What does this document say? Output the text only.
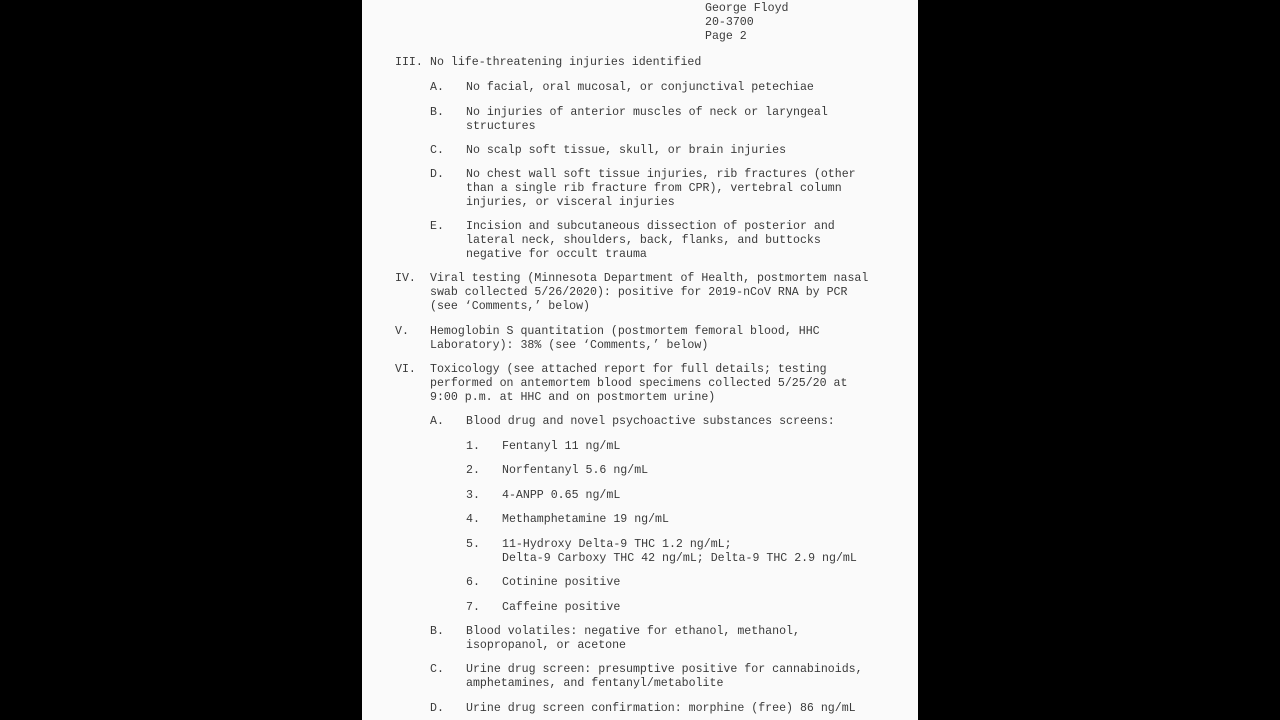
George Floyd

20-3700

Page 2

III. No life-threatening injuries identified

A. No facial, oral mucosal, or conjunctival petechiae

B. No injuries of anterior muscles of neck or laryngeal

structures

C. No scalp soft tissue, skull, or brain injuries

D. No chest wall soft tissue injuries, rib fractures (other

than a single rib fracture from CPR), vertebral column

injuries, or visceral injuries

E. Incision and subcutaneous dissection of posterior and

lateral neck, shoulders, back, flanks, and buttocks

negative for occult trauma

IV. Viral testing (Minnesota Department of Health, postmortem nasal

swab collected 5/26/2020): positive for 2019-nCoV RNA by PCR

(see ‘Comments,’ below)

V. Hemoglobin S quantitation (postmortem femoral blood, HHC

Laboratory): 38% (see ‘Comments,’ below)

VI. Toxicology (see attached report for full details; testing

performed on antemortem blood specimens collected 5/25/20 at

9:00 p.m. at HHC and on postmortem urine)

A. Blood drug and novel psychoactive substances screens:

1. Fentanyl 11 ng/mL

2. Norfentanyl 5.6 ng/mL

3. 4-ANPP 0.65 ng/mL

4. Methamphetamine 19 ng/mL

5. 11-Hydroxy Delta-9 THC 1.2 ng/mL;

Delta-9 Carboxy THC 42 ng/mL; Delta-9 THC 2.9 ng/mL

6. Cotinine positive

7. Caffeine positive

B. Blood volatiles: negative for ethanol, methanol,

isopropanol, or acetone

C. Urine drug screen: presumptive positive for cannabinoids,

amphetamines, and fentanyl/metabolite

D. Urine drug screen confirmation: morphine (free) 86 ng/mL
